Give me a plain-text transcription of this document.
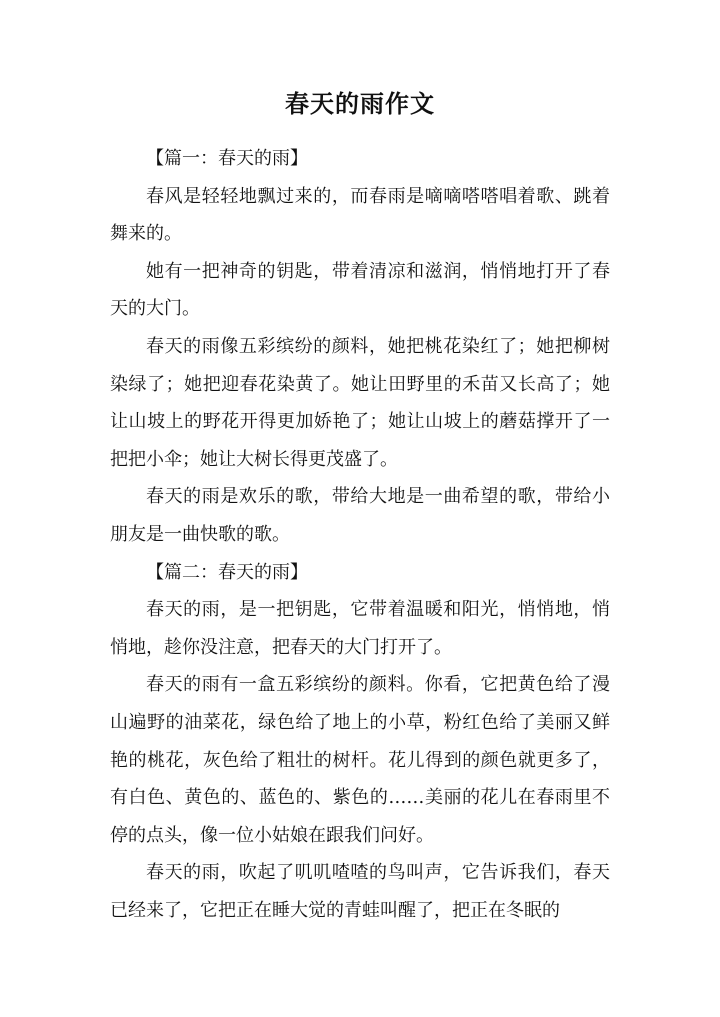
春天的雨作文

【篇一：春天的雨】

春风是轻轻地飘过来的，而春雨是嘀嘀嗒嗒唱着歌、跳着舞来的。

她有一把神奇的钥匙，带着清凉和滋润，悄悄地打开了春天的大门。

春天的雨像五彩缤纷的颜料，她把桃花染红了；她把柳树染绿了；她把迎春花染黄了。她让田野里的禾苗又长高了；她让山坡上的野花开得更加娇艳了；她让山坡上的蘑菇撑开了一把把小伞；她让大树长得更茂盛了。

春天的雨是欢乐的歌，带给大地是一曲希望的歌，带给小朋友是一曲快歌的歌。

【篇二：春天的雨】

春天的雨，是一把钥匙，它带着温暖和阳光，悄悄地，悄悄地，趁你没注意，把春天的大门打开了。

春天的雨有一盒五彩缤纷的颜料。你看，它把黄色给了漫山遍野的油菜花，绿色给了地上的小草，粉红色给了美丽又鲜艳的桃花，灰色给了粗壮的树杆。花儿得到的颜色就更多了，有白色、黄色的、蓝色的、紫色的……美丽的花儿在春雨里不停的点头，像一位小姑娘在跟我们问好。

春天的雨，吹起了叽叽喳喳的鸟叫声，它告诉我们，春天已经来了，它把正在睡大觉的青蛙叫醒了，把正在冬眠的
